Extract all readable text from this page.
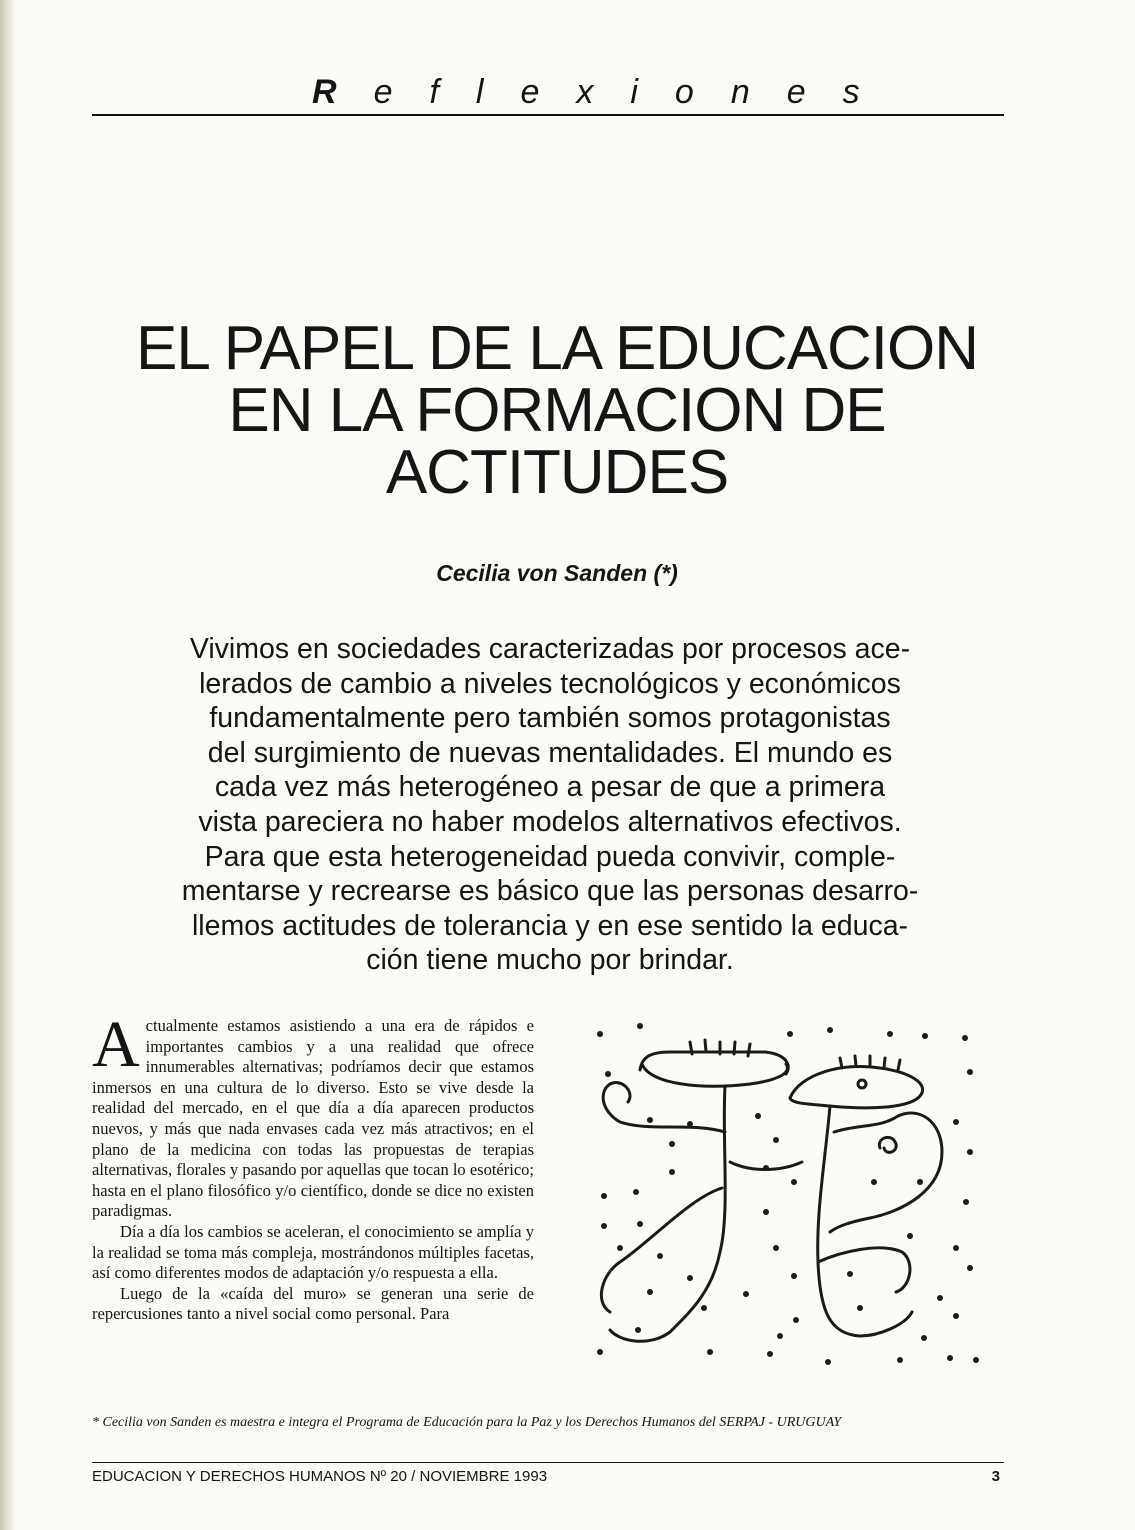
Reflexiones
EL PAPEL DE LA EDUCACION
EN LA FORMACION DE
ACTITUDES
Cecilia von Sanden (*)
Vivimos en sociedades caracterizadas por procesos ace-
lerados de cambio a niveles tecnológicos y económicos
fundamentalmente pero también somos protagonistas
del surgimiento de nuevas mentalidades. El mundo es
cada vez más heterogéneo a pesar de que a primera
vista pareciera no haber modelos alternativos efectivos.
Para que esta heterogeneidad pueda convivir, comple-
mentarse y recrearse es básico que las personas desarro-
llemos actitudes de tolerancia y en ese sentido la educa-
ción tiene mucho por brindar.

Actualmente estamos asistiendo a una era de rápidos e importantes cambios y a una realidad que ofrece innumerables alternativas; podríamos decir que estamos inmersos en una cultura de lo diverso. Esto se vive desde la realidad del mercado, en el que día a día aparecen productos nuevos, y más que nada envases cada vez más atractivos; en el plano de la medicina con todas las propuestas de terapias alternativas, florales y pasando por aquellas que tocan lo esotérico; hasta en el plano filosófico y/o científico, donde se dice no existen paradigmas.

Día a día los cambios se aceleran, el conocimiento se amplía y la realidad se toma más compleja, mostrándonos múltiples facetas, así como diferentes modos de adaptación y/o respuesta a ella.

Luego de la «caída del muro» se generan una serie de repercusiones tanto a nivel social como personal. Para

* Cecilia von Sanden es maestra e integra el Programa de Educación para la Paz y los Derechos Humanos del SERPAJ - URUGUAY
EDUCACION Y DERECHOS HUMANOS Nº 20 / NOVIEMBRE 1993	3
